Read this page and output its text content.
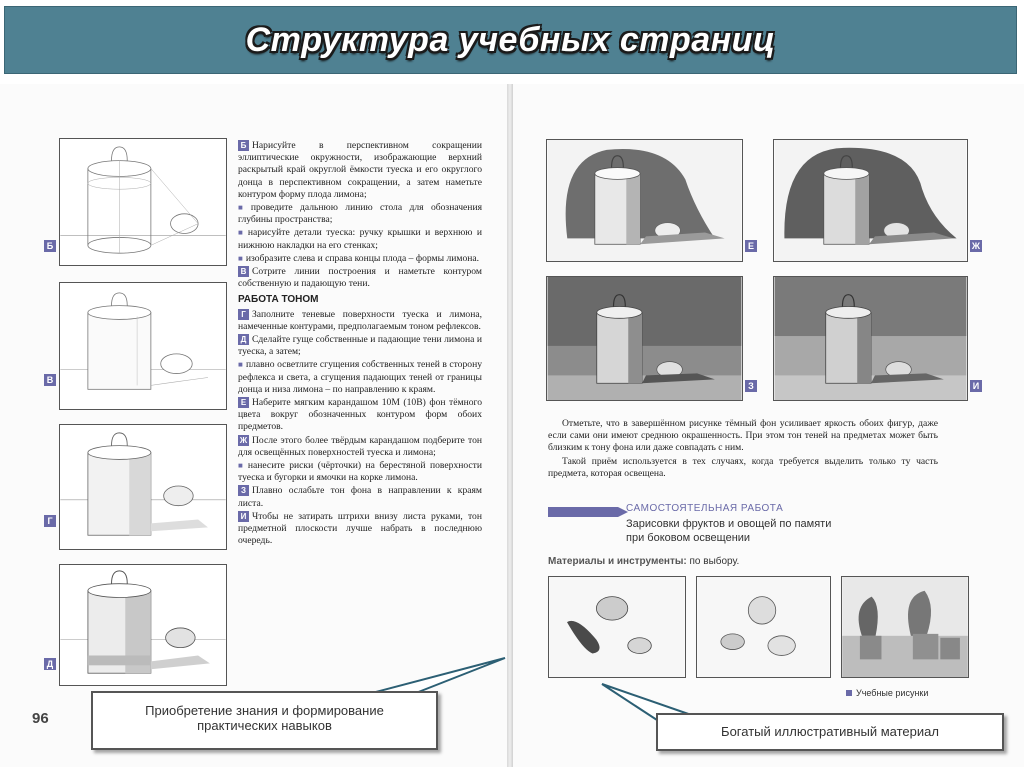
Структура учебных страниц
Б
В
Г
Д

Б Нарисуйте в перспективном сокращении эллиптические окружности, изображающие верхний раскрытый край округлой ёмкости туеска и его округлого донца в перспективном сокращении, а затем наметьте контуром форму плода лимона;

■ проведите дальнюю линию стола для обозначения глубины пространства;

■ нарисуйте детали туеска: ручку крышки и верхнюю и нижнюю накладки на его стенках;

■ изобразите слева и справа концы плода – формы лимона.

В Сотрите линии построения и наметьте контуром собственную и падающую тени.

РАБОТА ТОНОМ

Г Заполните теневые поверхности туеска и лимона, намеченные контурами, предполагаемым тоном рефлексов.

Д Сделайте гуще собственные и падающие тени лимона и туеска, а затем;

■ плавно осветлите сгущения собственных теней в сторону рефлекса и света, а сгущения падающих теней от границы донца и низа лимона – по направлению к краям.

Е Наберите мягким карандашом 10М (10В) фон тёмного цвета вокруг обозначенных контуром форм обоих предметов.

Ж После этого более твёрдым карандашом подберите тон для освещённых поверхностей туеска и лимона;

■ нанесите риски (чёрточки) на берестяной поверхности туеска и бугорки и ямочки на корке лимона.

З Плавно ослабьте тон фона в направлении к краям листа.

И Чтобы не затирать штрихи внизу листа руками, тон предметной плоскости лучше набрать в последнюю очередь.

96
Е	Ж
З	И

Отметьте, что в завершённом рисунке тёмный фон усиливает яркость обоих фигур, даже если сами они имеют среднюю окрашенность. При этом тон теней на предметах может быть близким к тону фона или даже совпадать с ним.

Такой приём используется в тех случаях, когда требуется выделить только ту часть предмета, которая освещена.

САМОСТОЯТЕЛЬНАЯ РАБОТА
Зарисовки фруктов и овощей по памяти
при боковом освещении
Материалы и инструменты: по выбору.
Учебные рисунки
Приобретение знания и формирование практических навыков	Богатый иллюстративный материал
